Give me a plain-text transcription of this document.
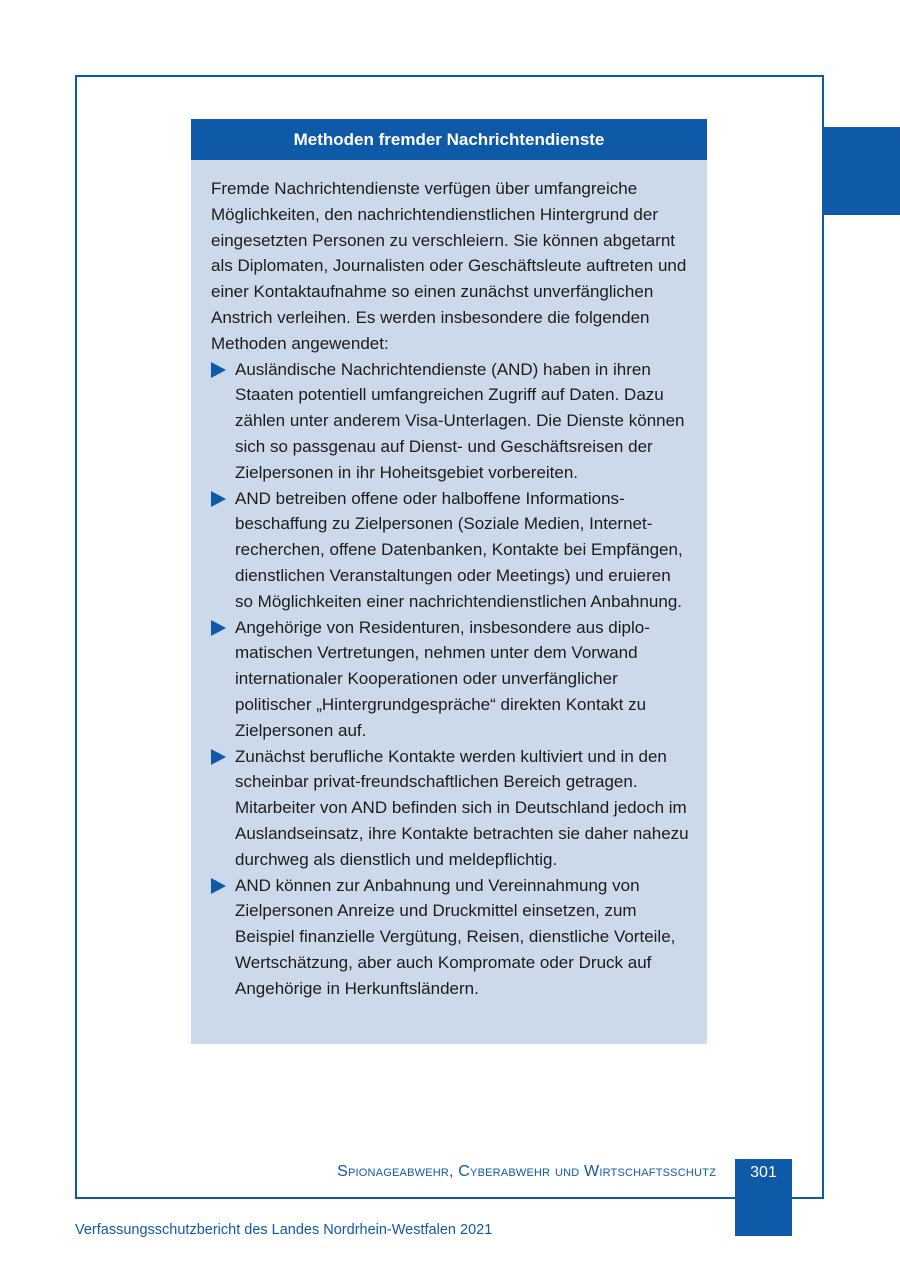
Methoden fremder Nachrichtendienste

Fremde Nachrichtendienste verfügen über umfangreiche Möglichkeiten, den nachrichtendienstlichen Hintergrund der eingesetzten Personen zu verschleiern. Sie können abgetarnt als Diplomaten, Journalisten oder Geschäftsleute auftreten und einer Kontaktaufnahme so einen zunächst unverfänglichen Anstrich verleihen. Es werden insbesondere die folgenden Methoden angewendet:

Ausländische Nachrichtendienste (AND) haben in ihren Staaten potentiell umfangreichen Zugriff auf Daten. Dazu zählen unter anderem Visa-Unterlagen. Die Dienste können sich so passgenau auf Dienst- und Geschäftsreisen der Zielpersonen in ihr Hoheitsgebiet vorbereiten.
AND betreiben offene oder halboffene Informationsbeschaffung zu Zielpersonen (Soziale Medien, Internetrecherchen, offene Datenbanken, Kontakte bei Empfängen, dienstlichen Veranstaltungen oder Meetings) und eruieren so Möglichkeiten einer nachrichtendienstlichen Anbahnung.
Angehörige von Residenturen, insbesondere aus diplomatischen Vertretungen, nehmen unter dem Vorwand internationaler Kooperationen oder unverfänglicher politischer „Hintergrundgespräche“ direkten Kontakt zu Zielpersonen auf.
Zunächst berufliche Kontakte werden kultiviert und in den scheinbar privat-freundschaftlichen Bereich getragen. Mitarbeiter von AND befinden sich in Deutschland jedoch im Auslandseinsatz, ihre Kontakte betrachten sie daher nahezu durchweg als dienstlich und meldepflichtig.
AND können zur Anbahnung und Vereinnahmung von Zielpersonen Anreize und Druckmittel einsetzen, zum Beispiel finanzielle Vergütung, Reisen, dienstliche Vorteile, Wertschätzung, aber auch Kompromate oder Druck auf Angehörige in Herkunftsländern.
Spionageabwehr, Cyberabwehr und Wirtschaftsschutz	301
Verfassungsschutzbericht des Landes Nordrhein-Westfalen 2021
